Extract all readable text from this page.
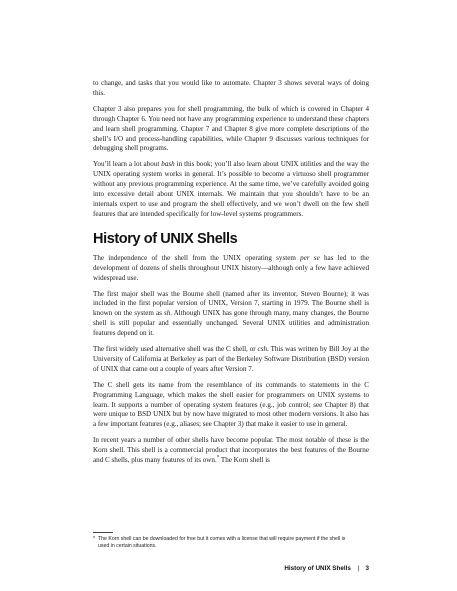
to change, and tasks that you would like to automate. Chapter 3 shows several ways of doing this.

Chapter 3 also prepares you for shell programming, the bulk of which is covered in Chapter 4 through Chapter 6. You need not have any programming experience to understand these chapters and learn shell programming. Chapter 7 and Chapter 8 give more complete descriptions of the shell’s I/O and process-handling capabilities, while Chapter 9 discusses various techniques for debugging shell programs.

You’ll learn a lot about bash in this book; you’ll also learn about UNIX utilities and the way the UNIX operating system works in general. It’s possible to become a virtuoso shell programmer without any previous programming experience. At the same time, we’ve carefully avoided going into excessive detail about UNIX internals. We maintain that you shouldn’t have to be an internals expert to use and program the shell effectively, and we won’t dwell on the few shell features that are intended specifically for low-level systems programmers.

History of UNIX Shells

The independence of the shell from the UNIX operating system per se has led to the development of dozens of shells throughout UNIX history—although only a few have achieved widespread use.

The first major shell was the Bourne shell (named after its inventor, Steven Bourne); it was included in the first popular version of UNIX, Version 7, starting in 1979. The Bourne shell is known on the system as sh. Although UNIX has gone through many, many changes, the Bourne shell is still popular and essentially unchanged. Several UNIX utilities and administration features depend on it.

The first widely used alternative shell was the C shell, or csh. This was written by Bill Joy at the University of California at Berkeley as part of the Berkeley Software Distribution (BSD) version of UNIX that came out a couple of years after Version 7.

The C shell gets its name from the resemblance of its commands to statements in the C Programming Language, which makes the shell easier for programmers on UNIX systems to learn. It supports a number of operating system features (e.g., job control; see Chapter 8) that were unique to BSD UNIX but by now have migrated to most other modern versions. It also has a few important features (e.g., aliases; see Chapter 3) that make it easier to use in general.

In recent years a number of other shells have become popular. The most notable of these is the Korn shell. This shell is a commercial product that incorporates the best features of the Bourne and C shells, plus many features of its own.* The Korn shell is

* The Korn shell can be downloaded for free but it comes with a license that will require payment if the shell is used in certain situations.
History of UNIX Shells | 3
